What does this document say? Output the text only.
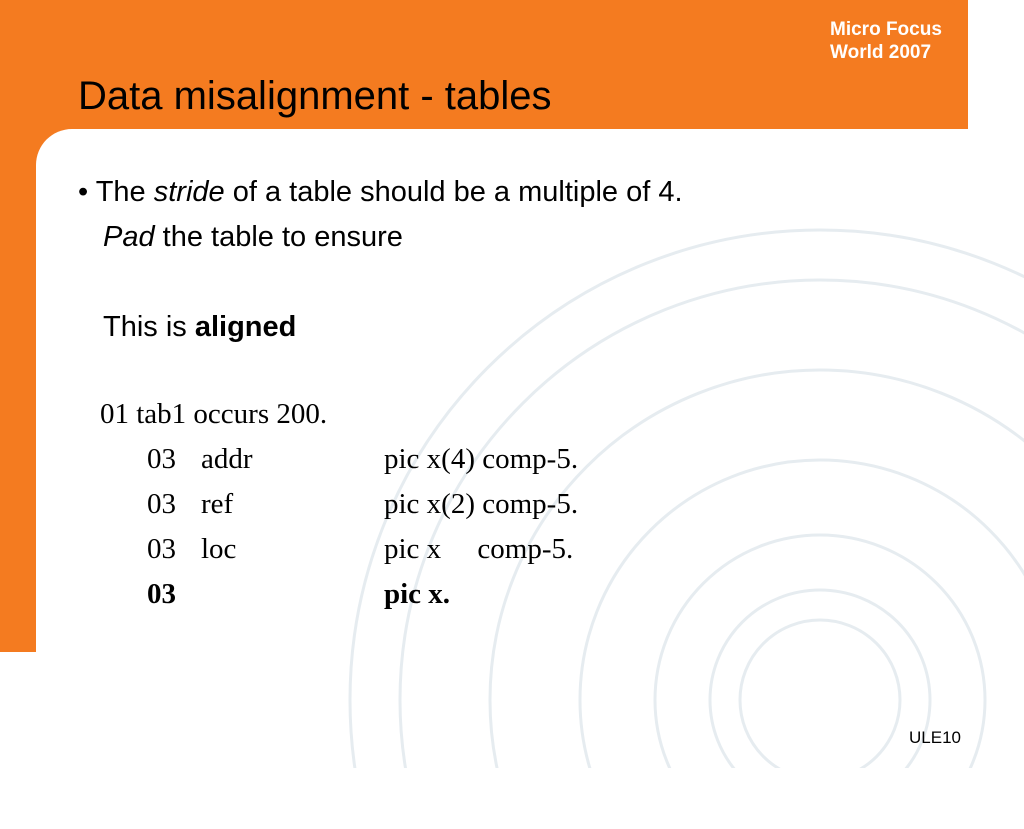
Micro Focus
World 2007
Data misalignment - tables
• The stride of a table should be a multiple of 4.
Pad the table to ensure
This is aligned
01 tab1 occurs 200.
03 addr	pic x(4) comp-5.
03 ref	pic x(2) comp-5.
03 loc	pic x     comp-5.
03	pic x.
ULE10
